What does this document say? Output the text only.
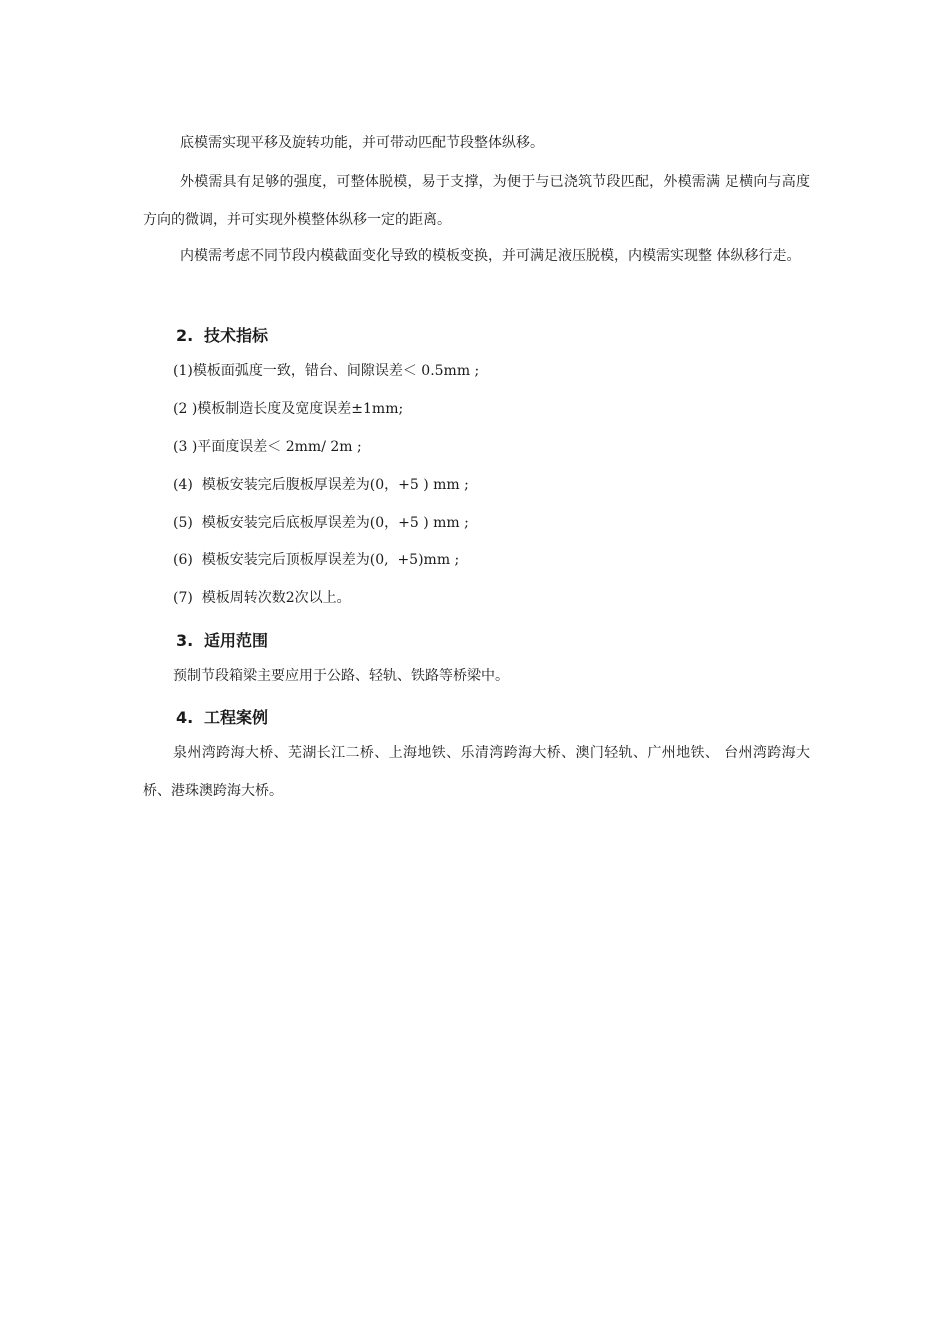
底模需实现平移及旋转功能，并可带动匹配节段整体纵移。

外模需具有足够的强度，可整体脱模，易于支撑，为便于与已浇筑节段匹配，外模需满 足横向与高度方向的微调，并可实现外模整体纵移一定的距离。

内模需考虑不同节段内模截面变化导致的模板变换，并可满足液压脱模，内模需实现整 体纵移行走。

2. 技术指标

(1)模板面弧度一致，错台、间隙误差＜ 0.5mm ;

(2 )模板制造长度及宽度误差±1mm;

(3 )平面度误差＜ 2mm/ 2m ;

(4)  模板安装完后腹板厚误差为(0，+5 ) mm ;

(5)  模板安装完后底板厚误差为(0，+5 ) mm ;

(6)  模板安装完后顶板厚误差为(0,  +5)mm ;

(7)  模板周转次数2次以上。

3. 适用范围

预制节段箱梁主要应用于公路、轻轨、铁路等桥梁中。

4. 工程案例

泉州湾跨海大桥、芜湖长江二桥、上海地铁、乐清湾跨海大桥、澳门轻轨、广州地铁、 台州湾跨海大桥、港珠澳跨海大桥。
